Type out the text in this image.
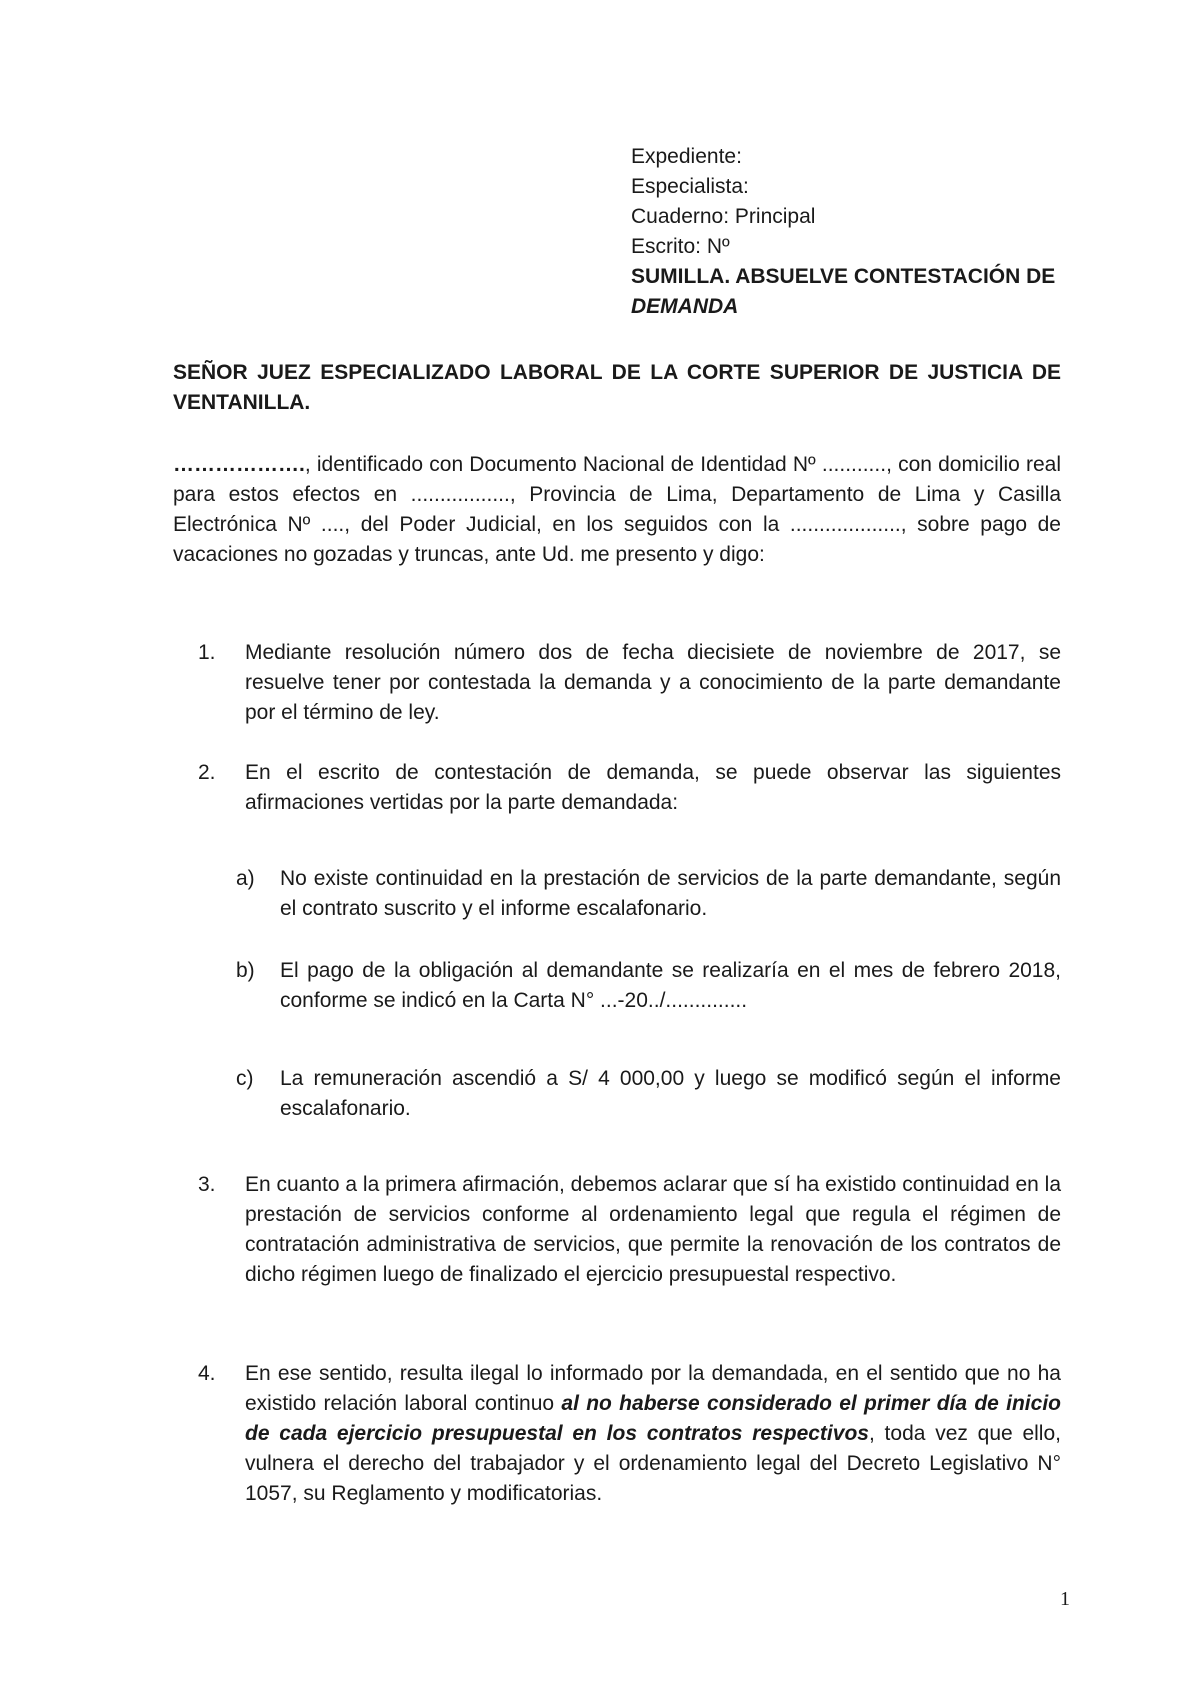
Expediente:
Especialista:
Cuaderno: Principal
Escrito: Nº
SUMILLA. ABSUELVE CONTESTACIÓN DE DEMANDA
SEÑOR JUEZ ESPECIALIZADO LABORAL DE LA CORTE SUPERIOR DE JUSTICIA DE VENTANILLA.
………………., identificado con Documento Nacional de Identidad Nº ..........., con domicilio real para estos efectos en ................., Provincia de Lima, Departamento de Lima y Casilla Electrónica Nº ...., del Poder Judicial, en los seguidos con la ..................., sobre pago de vacaciones no gozadas y truncas, ante Ud. me presento y digo:
1.	Mediante resolución número dos de fecha diecisiete de noviembre de 2017, se resuelve tener por contestada la demanda y a conocimiento de la parte demandante por el término de ley.
2.	En el escrito de contestación de demanda, se puede observar las siguientes afirmaciones vertidas por la parte demandada:
a)	No existe continuidad en la prestación de servicios de la parte demandante, según el contrato suscrito y el informe escalafonario.
b)	El pago de la obligación al demandante se realizaría en el mes de febrero 2018, conforme se indicó en la Carta N° ...-20../..............
c)	La remuneración ascendió a S/ 4 000,00 y luego se modificó según el informe escalafonario.
3.	En cuanto a la primera afirmación, debemos aclarar que sí ha existido continuidad en la prestación de servicios conforme al ordenamiento legal que regula el régimen de contratación administrativa de servicios, que permite la renovación de los contratos de dicho régimen luego de finalizado el ejercicio presupuestal respectivo.
4.	En ese sentido, resulta ilegal lo informado por la demandada, en el sentido que no ha existido relación laboral continuo al no haberse considerado el primer día de inicio de cada ejercicio presupuestal en los contratos respectivos, toda vez que ello, vulnera el derecho del trabajador y el ordenamiento legal del Decreto Legislativo N° 1057, su Reglamento y modificatorias.
1
